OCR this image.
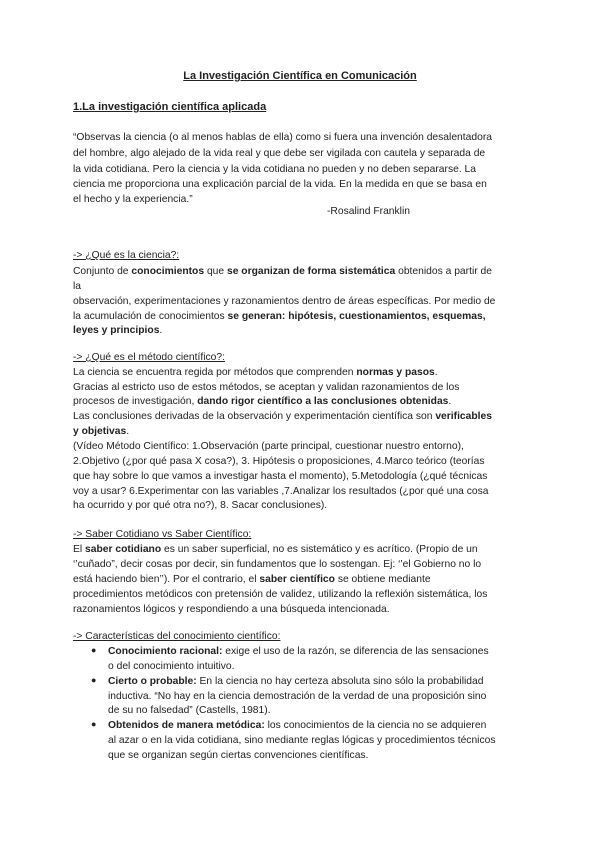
La Investigación Científica en Comunicación
1.La investigación científica aplicada
“Observas la ciencia (o al menos hablas de ella) como si fuera una invención desalentadora
del hombre, algo alejado de la vida real y que debe ser vigilada con cautela y separada de
la vida cotidiana. Pero la ciencia y la vida cotidiana no pueden y no deben separarse. La
ciencia me proporciona una explicación parcial de la vida. En la medida en que se basa en
el hecho y la experiencia.”
-Rosalind Franklin
-> ¿Qué es la ciencia?:
Conjunto de conocimientos que se organizan de forma sistemática obtenidos a partir de
la
observación, experimentaciones y razonamientos dentro de áreas específicas. Por medio de
la acumulación de conocimientos se generan: hipótesis, cuestionamientos, esquemas,
leyes y principios.
-> ¿Qué es el método científico?:
La ciencia se encuentra regida por métodos que comprenden normas y pasos.
Gracias al estricto uso de estos métodos, se aceptan y validan razonamientos de los
procesos de investigación, dando rigor científico a las conclusiones obtenidas.
Las conclusiones derivadas de la observación y experimentación científica son verificables
y objetivas.
(Vídeo Método Científico: 1.Observación (parte principal, cuestionar nuestro entorno),
2.Objetivo (¿por qué pasa X cosa?), 3. Hipótesis o proposiciones, 4.Marco teórico (teorías
que hay sobre lo que vamos a investigar hasta el momento), 5.Metodología (¿qué técnicas
voy a usar? 6.Experimentar con las variables ,7.Analizar los resultados (¿por qué una cosa
ha ocurrido y por qué otra no?), 8. Sacar conclusiones).
-> Saber Cotidiano vs Saber Científico:
El saber cotidiano es un saber superficial, no es sistemático y es acrítico. (Propio de un
‘’cuñado”, decir cosas por decir, sin fundamentos que lo sostengan. Ej: ‘’el Gobierno no lo
está haciendo bien’’). Por el contrario, el saber científico se obtiene mediante
procedimientos metódicos con pretensión de validez, utilizando la reflexión sistemática, los
razonamientos lógicos y respondiendo a una búsqueda intencionada.
-> Características del conocimiento científico:
● Conocimiento racional: exige el uso de la razón, se diferencia de las sensaciones
o del conocimiento intuitivo.
● Cierto o probable: En la ciencia no hay certeza absoluta sino sólo la probabilidad
inductiva. “No hay en la ciencia demostración de la verdad de una proposición sino
de su no falsedad” (Castells, 1981).
● Obtenidos de manera metódica: los conocimientos de la ciencia no se adquieren
al azar o en la vida cotidiana, sino mediante reglas lógicas y procedimientos técnicos
que se organizan según ciertas convenciones científicas.
